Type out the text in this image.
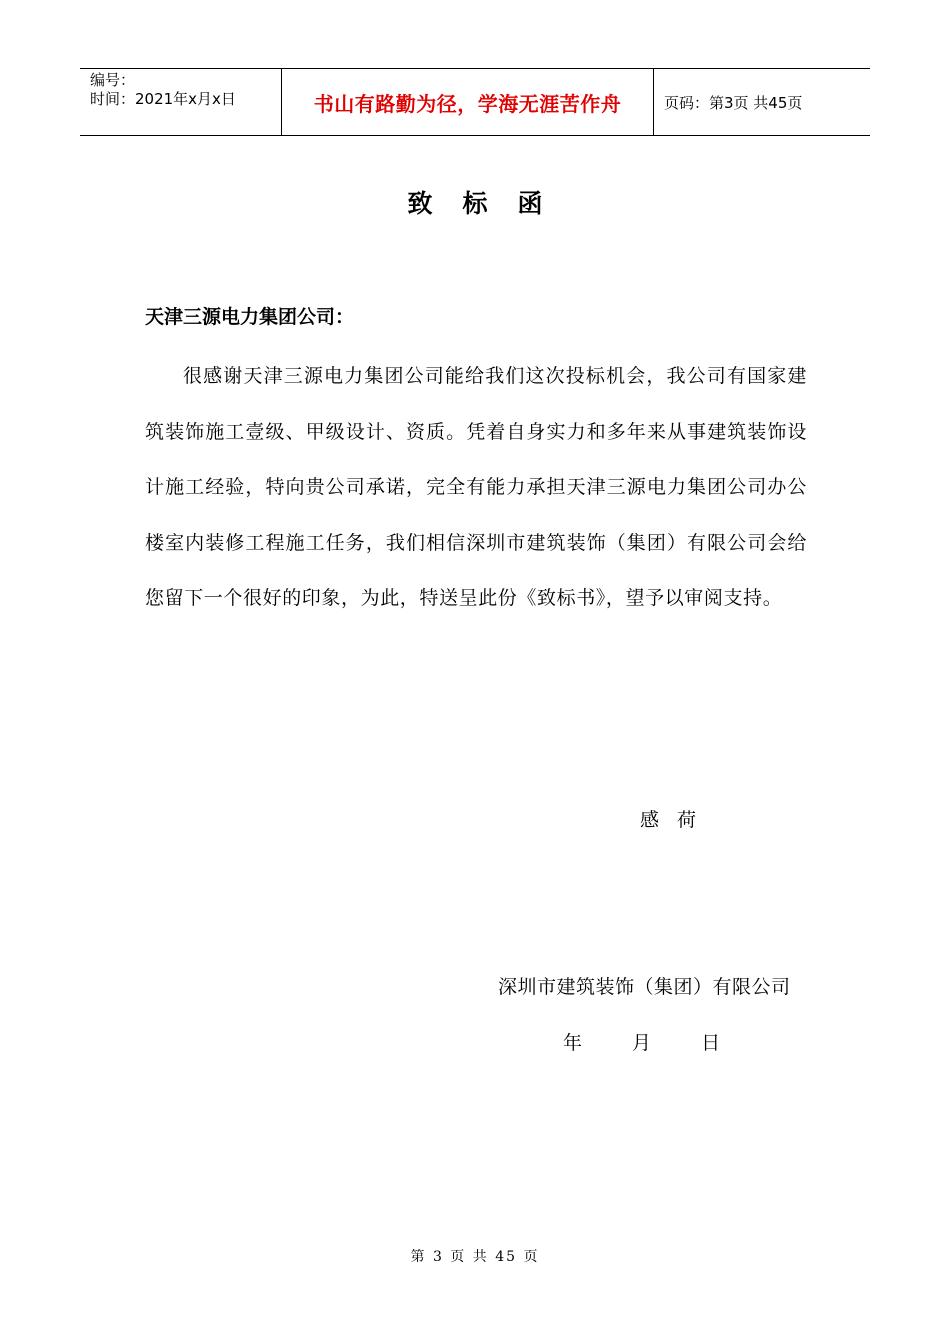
编号：
时间：2021年x月x日	书山有路勤为径，学海无涯苦作舟	页码：第3页 共45页
致标函
天津三源电力集团公司：
很感谢天津三源电力集团公司能给我们这次投标机会，我公司有国家建筑装饰施工壹级、甲级设计、资质。凭着自身实力和多年来从事建筑装饰设计施工经验，特向贵公司承诺，完全有能力承担天津三源电力集团公司办公楼室内装修工程施工任务，我们相信深圳市建筑装饰（集团）有限公司会给您留下一个很好的印象，为此，特送呈此份《致标书》，望予以审阅支持。
感荷
深圳市建筑装饰（集团）有限公司
年 月 日
第 3 页 共 45 页
